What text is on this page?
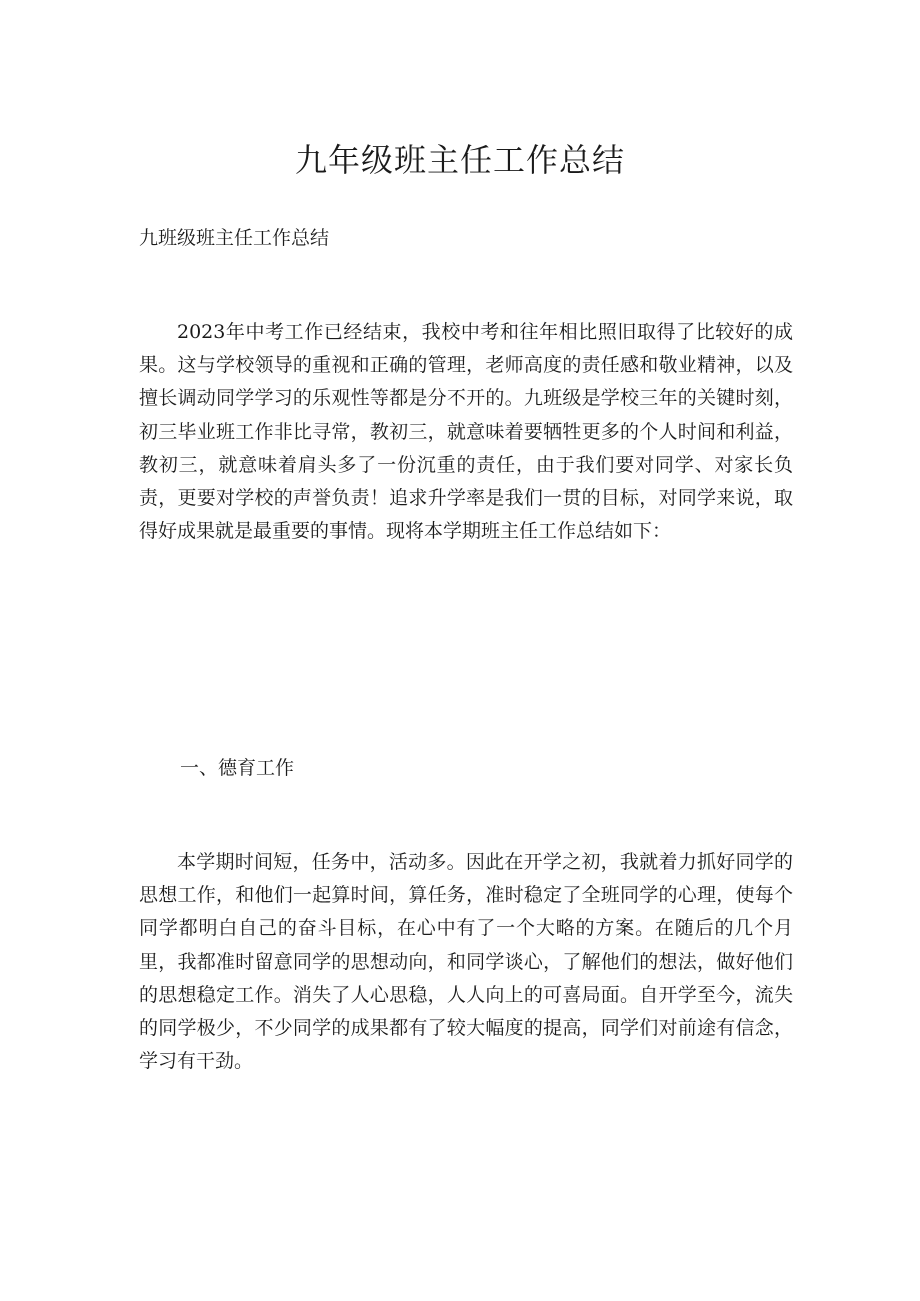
九年级班主任工作总结

九班级班主任工作总结

2023年中考工作已经结束，我校中考和往年相比照旧取得了比较好的成果。这与学校领导的重视和正确的管理，老师高度的责任感和敬业精神，以及擅长调动同学学习的乐观性等都是分不开的。九班级是学校三年的关键时刻，初三毕业班工作非比寻常，教初三，就意味着要牺牲更多的个人时间和利益，教初三，就意味着肩头多了一份沉重的责任，由于我们要对同学、对家长负责，更要对学校的声誉负责！追求升学率是我们一贯的目标，对同学来说，取得好成果就是最重要的事情。现将本学期班主任工作总结如下：

一、德育工作

本学期时间短，任务中，活动多。因此在开学之初，我就着力抓好同学的思想工作，和他们一起算时间，算任务，准时稳定了全班同学的心理，使每个同学都明白自己的奋斗目标，在心中有了一个大略的方案。在随后的几个月里，我都准时留意同学的思想动向，和同学谈心，了解他们的想法，做好他们的思想稳定工作。消失了人心思稳，人人向上的可喜局面。自开学至今，流失的同学极少，不少同学的成果都有了较大幅度的提高，同学们对前途有信念，学习有干劲。
